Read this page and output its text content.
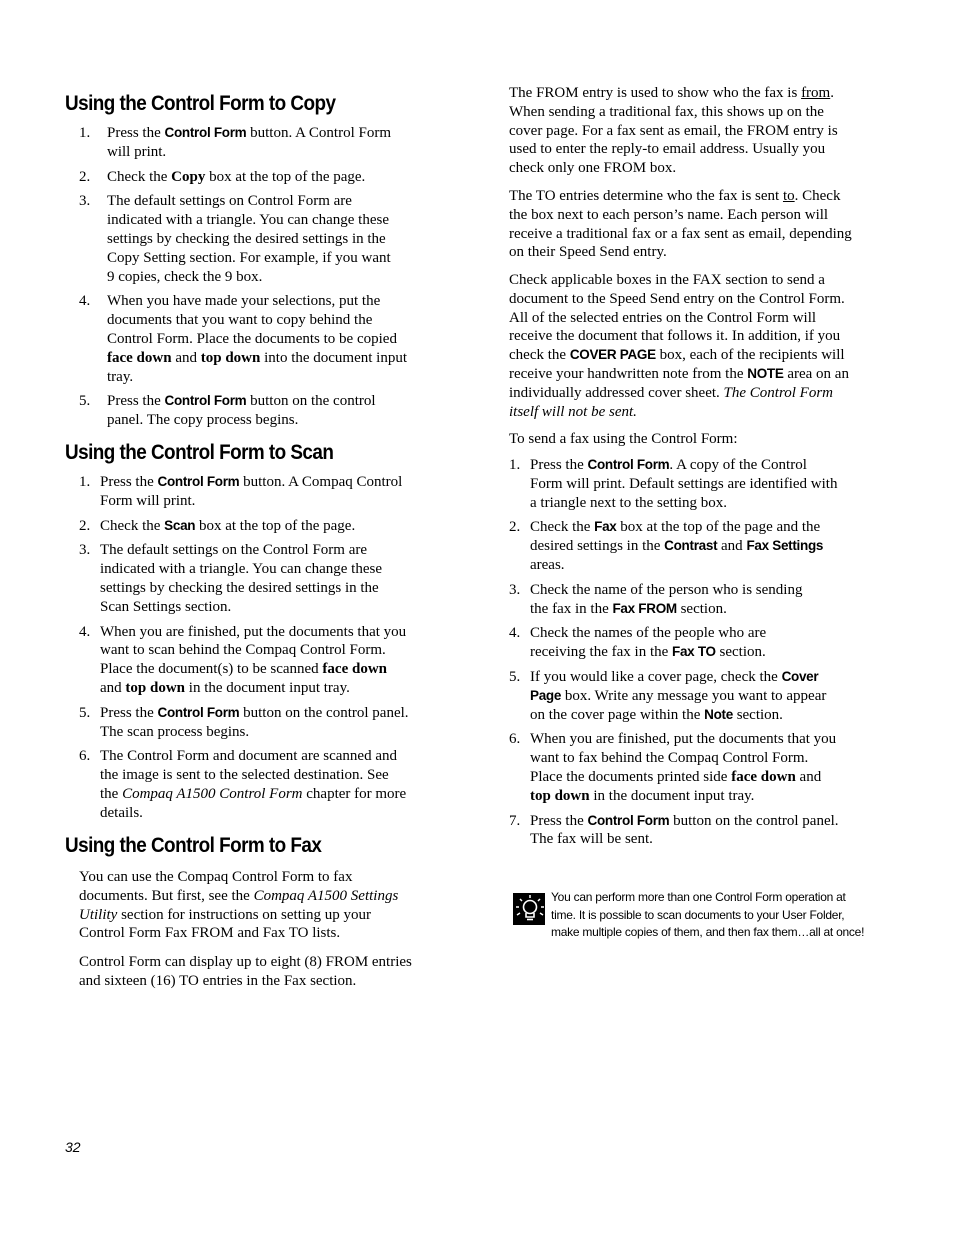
Using the Control Form to Copy
1. Press the Control Form button. A Control Form will print.
2. Check the Copy box at the top of the page.
3. The default settings on Control Form are indicated with a triangle. You can change these settings by checking the desired settings in the Copy Setting section. For example, if you want 9 copies, check the 9 box.
4. When you have made your selections, put the documents that you want to copy behind the Control Form. Place the documents to be copied face down and top down into the document input tray.
5. Press the Control Form button on the control panel. The copy process begins.
Using the Control Form to Scan
1. Press the Control Form button. A Compaq Control Form will print.
2. Check the Scan box at the top of the page.
3. The default settings on the Control Form are indicated with a triangle. You can change these settings by checking the desired settings in the Scan Settings section.
4. When you are finished, put the documents that you want to scan behind the Compaq Control Form. Place the document(s) to be scanned face down and top down in the document input tray.
5. Press the Control Form button on the control panel. The scan process begins.
6. The Control Form and document are scanned and the image is sent to the selected destination. See the Compaq A1500 Control Form chapter for more details.
Using the Control Form to Fax

You can use the Compaq Control Form to fax documents. But first, see the Compaq A1500 Settings Utility section for instructions on setting up your Control Form Fax FROM and Fax TO lists.

Control Form can display up to eight (8) FROM entries and sixteen (16) TO entries in the Fax section.

The FROM entry is used to show who the fax is from. When sending a traditional fax, this shows up on the cover page. For a fax sent as email, the FROM entry is used to enter the reply-to email address. Usually you check only one FROM box.

The TO entries determine who the fax is sent to. Check the box next to each person’s name. Each person will receive a traditional fax or a fax sent as email, depending on their Speed Send entry.

Check applicable boxes in the FAX section to send a document to the Speed Send entry on the Control Form. All of the selected entries on the Control Form will receive the document that follows it. In addition, if you check the COVER PAGE box, each of the recipients will receive your handwritten note from the NOTE area on an individually addressed cover sheet. The Control Form itself will not be sent.

To send a fax using the Control Form:

1. Press the Control Form. A copy of the Control Form will print. Default settings are identified with a triangle next to the setting box.
2. Check the Fax box at the top of the page and the desired settings in the Contrast and Fax Settings areas.
3. Check the name of the person who is sending the fax in the Fax FROM section.
4. Check the names of the people who are receiving the fax in the Fax TO section.
5. If you would like a cover page, check the Cover Page box. Write any message you want to appear on the cover page within the Note section.
6. When you are finished, put the documents that you want to fax behind the Compaq Control Form. Place the documents printed side face down and top down in the document input tray.
7. Press the Control Form button on the control panel. The fax will be sent.
You can perform more than one Control Form operation at time. It is possible to scan documents to your User Folder, make multiple copies of them, and then fax them…all at once!
32
